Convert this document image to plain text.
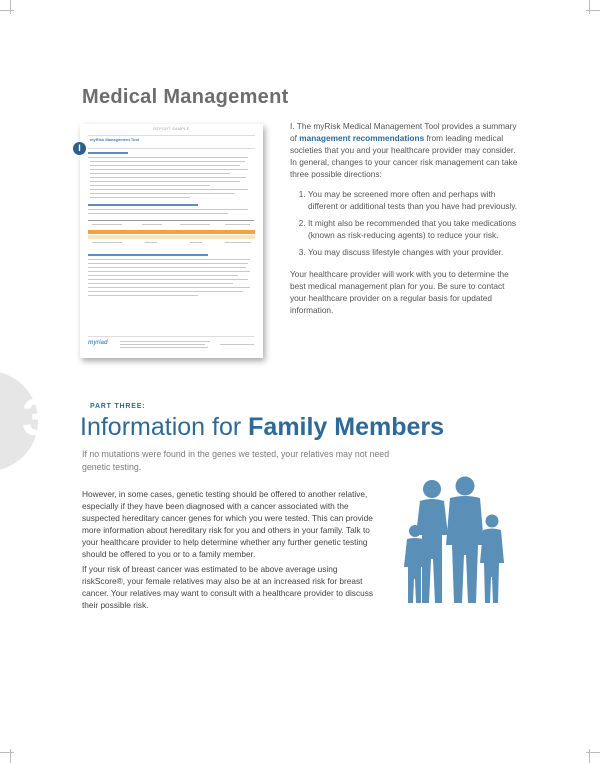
Medical Management
REPORT SAMPLE
myRisk Management Tool
myriad
I

I. The myRisk Medical Management Tool provides a summary of management recommendations from leading medical societies that you and your healthcare provider may consider. In general, changes to your cancer risk management can take three possible directions:

1. You may be screened more often and perhaps with different or additional tests than you have had previously.
2. It might also be recommended that you take medications (known as risk-reducing agents) to reduce your risk.
3. You may discuss lifestyle changes with your provider.

Your healthcare provider will work with you to determine the best medical management plan for you. Be sure to contact your healthcare provider on a regular basis for updated information.

3	PART THREE:
Information for Family Members

If no mutations were found in the genes we tested, your relatives may not need genetic testing.

However, in some cases, genetic testing should be offered to another relative, especially if they have been diagnosed with a cancer associated with the suspected hereditary cancer genes for which you were tested. This can provide more information about hereditary risk for you and others in your family. Talk to your healthcare provider to help determine whether any further genetic testing should be offered to you or to a family member.

If your risk of breast cancer was estimated to be above average using riskScore®, your female relatives may also be at an increased risk for breast cancer. Your relatives may want to consult with a healthcare provider to discuss their possible risk.
